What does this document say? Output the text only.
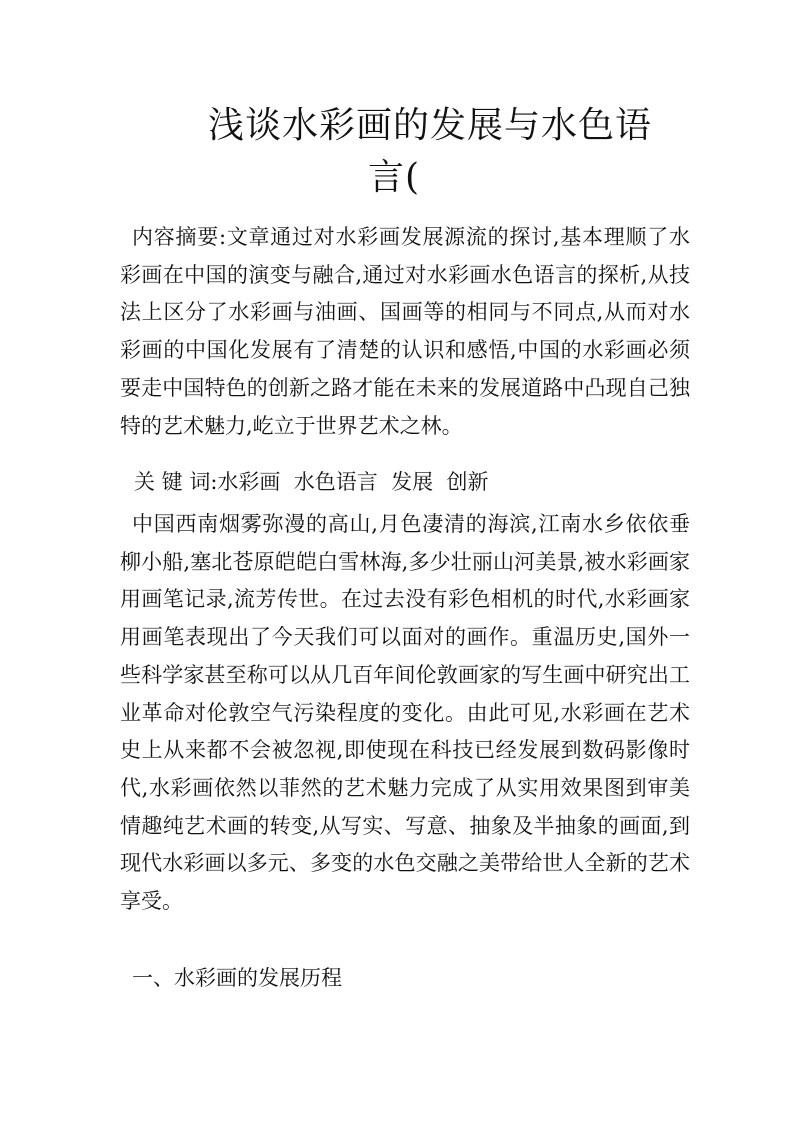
浅谈水彩画的发展与水色语
言(

内容摘要:文章通过对水彩画发展源流的探讨,基本理顺了水彩画在中国的演变与融合,通过对水彩画水色语言的探析,从技法上区分了水彩画与油画、国画等的相同与不同点,从而对水彩画的中国化发展有了清楚的认识和感悟,中国的水彩画必须要走中国特色的创新之路才能在未来的发展道路中凸现自己独特的艺术魅力,屹立于世界艺术之林。

关 键 词:水彩画  水色语言  发展  创新

中国西南烟雾弥漫的高山,月色凄清的海滨,江南水乡依依垂柳小船,塞北苍原皑皑白雪林海,多少壮丽山河美景,被水彩画家用画笔记录,流芳传世。在过去没有彩色相机的时代,水彩画家用画笔表现出了今天我们可以面对的画作。重温历史,国外一些科学家甚至称可以从几百年间伦敦画家的写生画中研究出工业革命对伦敦空气污染程度的变化。由此可见,水彩画在艺术史上从来都不会被忽视,即使现在科技已经发展到数码影像时代,水彩画依然以菲然的艺术魅力完成了从实用效果图到审美情趣纯艺术画的转变,从写实、写意、抽象及半抽象的画面,到现代水彩画以多元、多变的水色交融之美带给世人全新的艺术享受。

一、水彩画的发展历程
